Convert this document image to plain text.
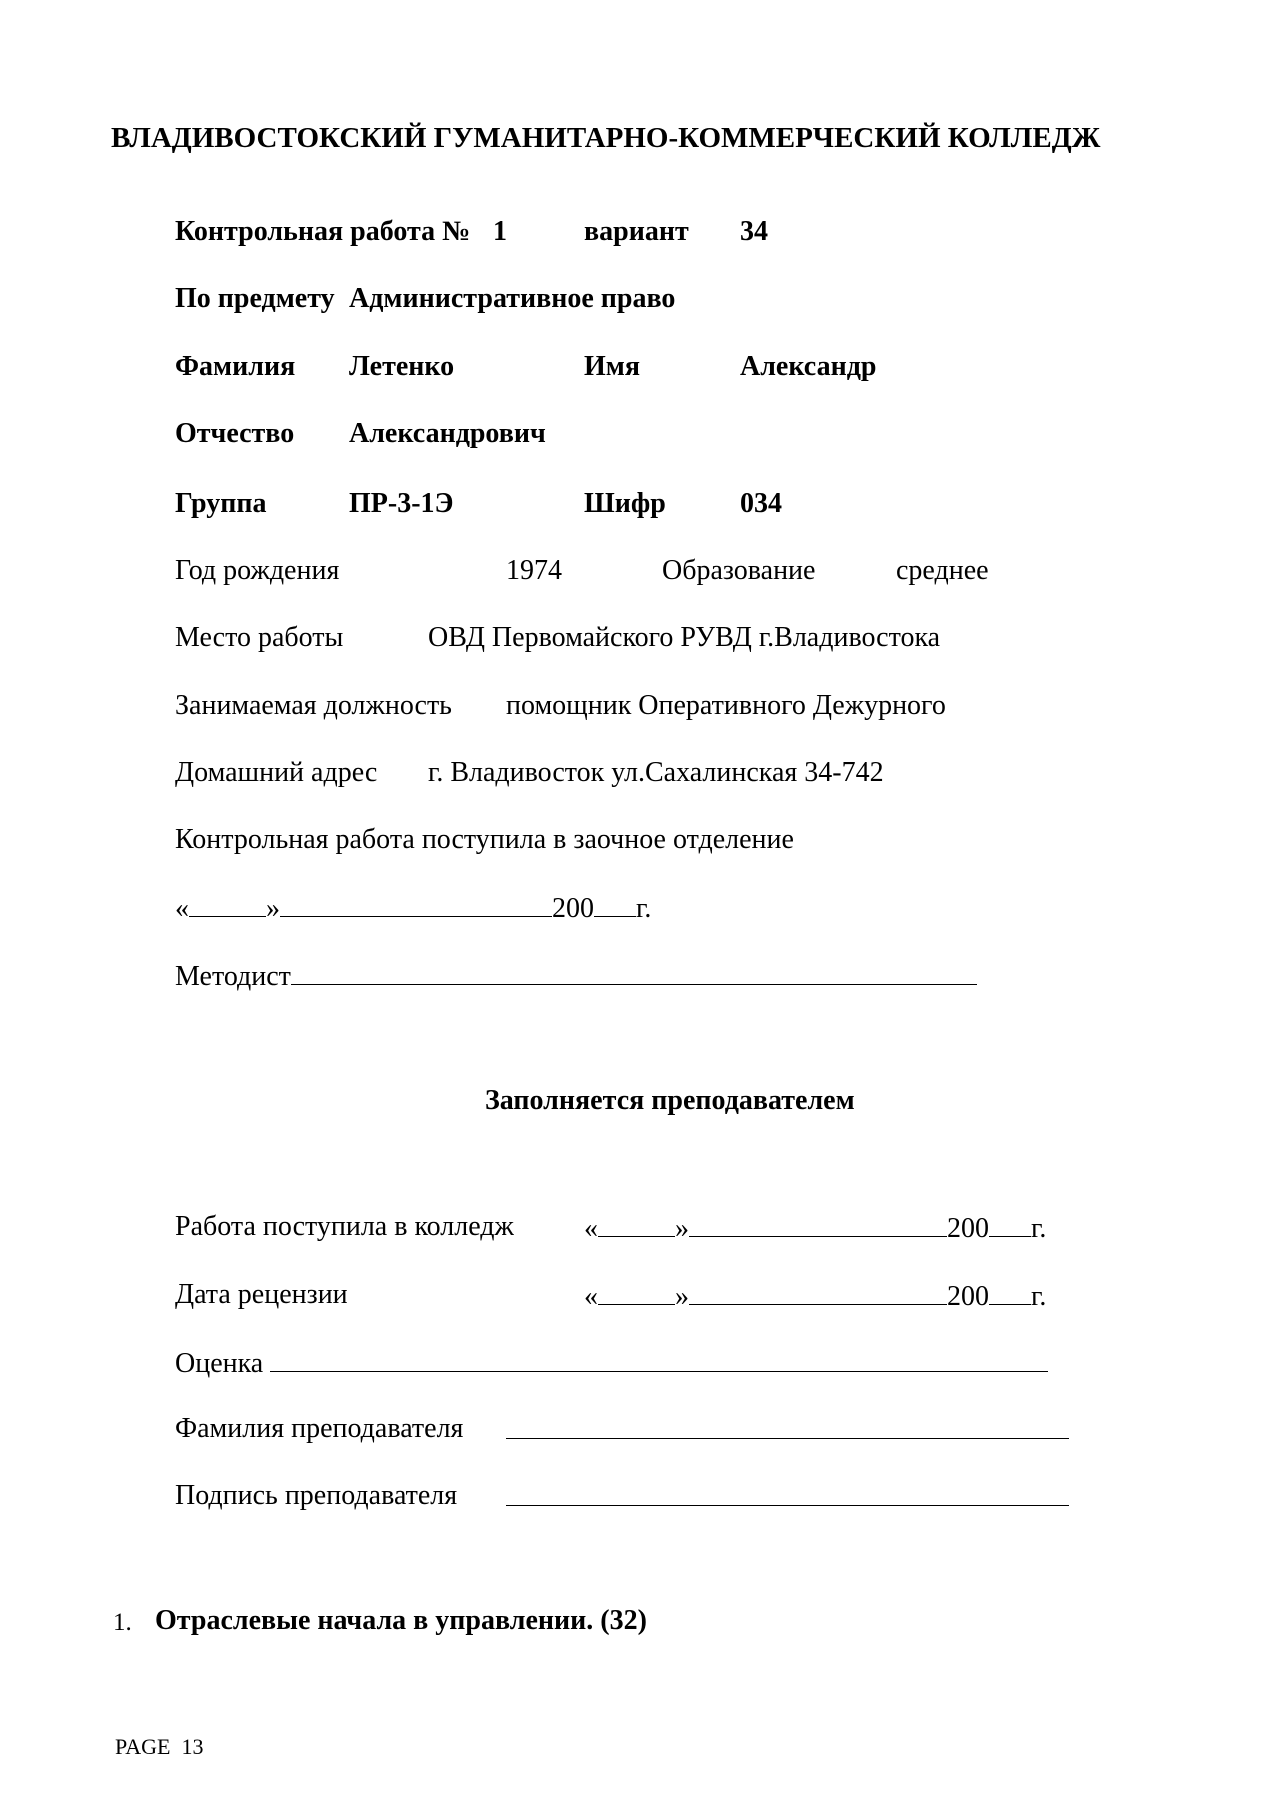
ВЛАДИВОСТОКСКИЙ ГУМАНИТАРНО-КОММЕРЧЕСКИЙ КОЛЛЕДЖ
Контрольная работа № 1	вариант 34
По предмету Административное право
Фамилия Летенко	Имя	Александр
Отчество Александрович
Группа	ПР-3-1Э	Шифр	034
Год рождения	1974	Образование	среднее
Место работы	ОВД Первомайского РУВД г.Владивостока
Занимаемая должность помощник Оперативного Дежурного
Домашний адрес г. Владивосток ул.Сахалинская 34-742
Контрольная работа поступила в заочное отделение
«	»	200 г.
Методист
Заполняется преподавателем
Работа поступила в колледж	«	»	200 г.
Дата рецензии	«	»	200 г.
Оценка
Фамилия преподавателя
Подпись преподавателя
1. Отраслевые начала в управлении. (32)
PAGE 13
